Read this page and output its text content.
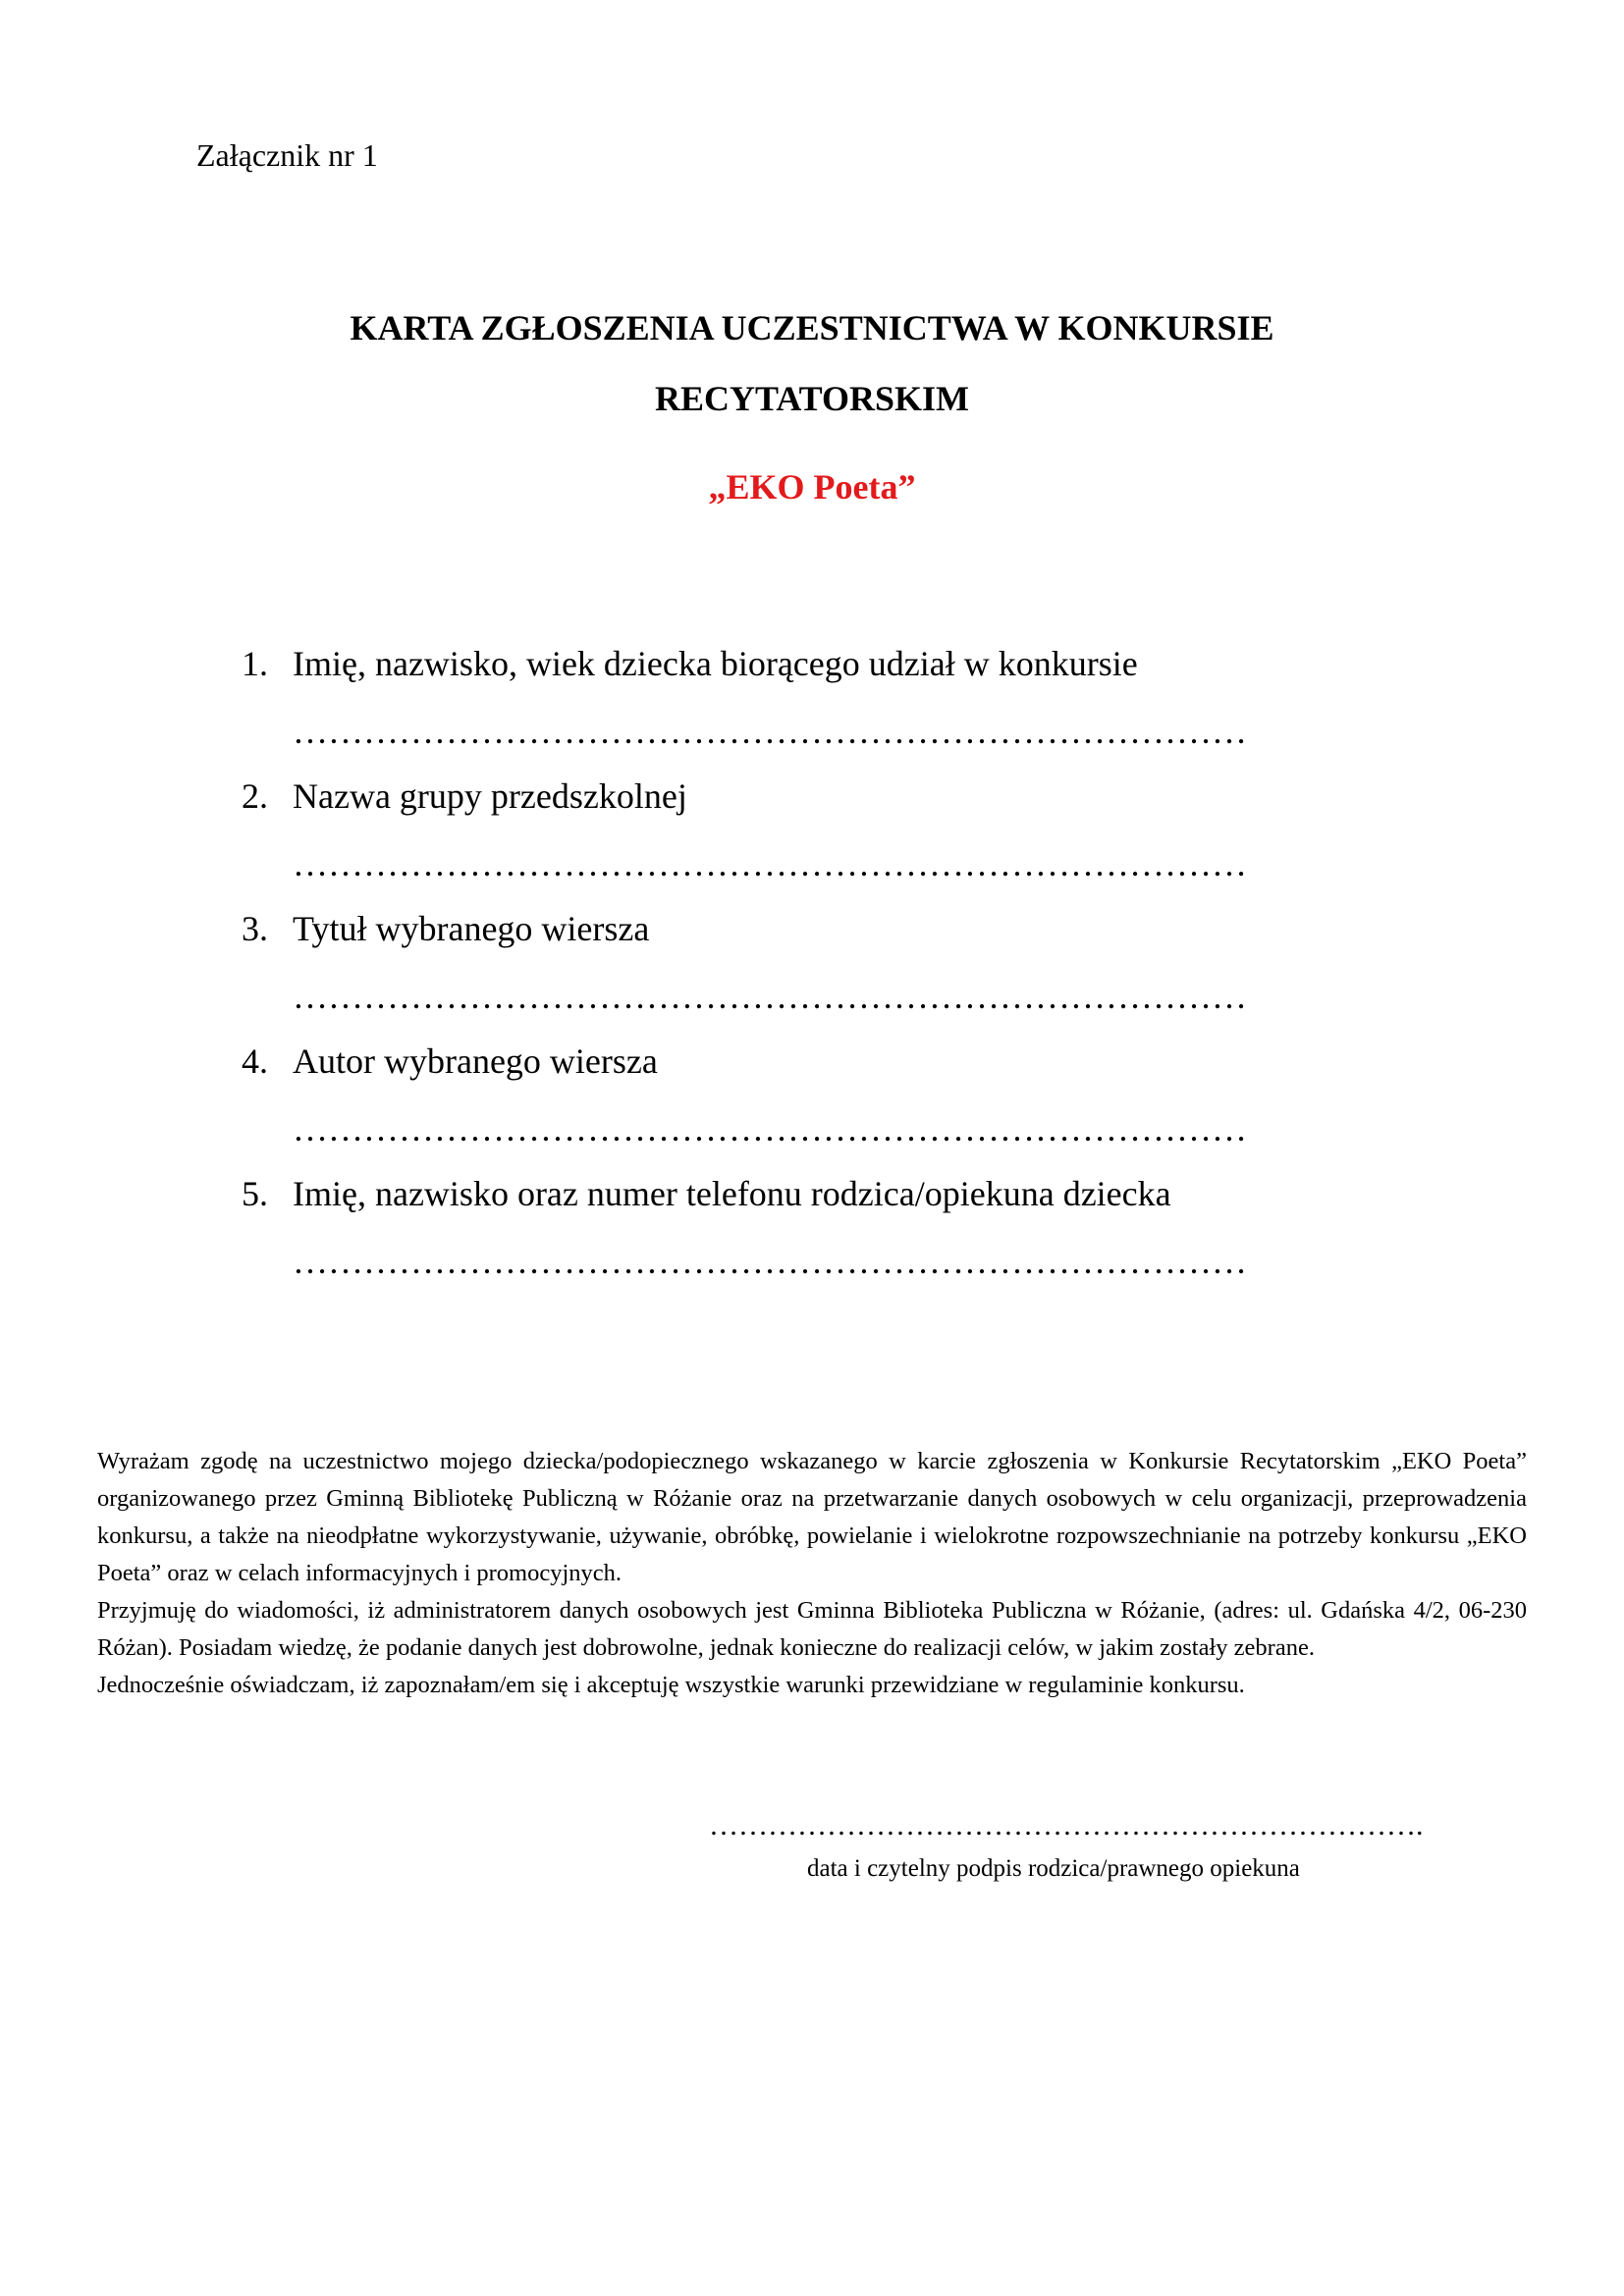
Załącznik nr 1
KARTA ZGŁOSZENIA UCZESTNICTWA W KONKURSIE
RECYTATORSKIM
„EKO Poeta”
1. Imię, nazwisko, wiek dziecka biorącego udział w konkursie
………………………………………………………………………
2. Nazwa grupy przedszkolnej
………………………………………………………………………
3. Tytuł wybranego wiersza
………………………………………………………………………
4. Autor wybranego wiersza
………………………………………………………………………
5. Imię, nazwisko oraz numer telefonu rodzica/opiekuna dziecka
………………………………………………………………………

Wyrażam zgodę na uczestnictwo mojego dziecka/podopiecznego wskazanego w karcie zgłoszenia w Konkursie Recytatorskim „EKO Poeta” organizowanego przez Gminną Bibliotekę Publiczną w Różanie oraz na przetwarzanie danych osobowych w celu organizacji, przeprowadzenia konkursu, a także na nieodpłatne wykorzystywanie, używanie, obróbkę, powielanie i wielokrotne rozpowszechnianie na potrzeby konkursu „EKO Poeta” oraz w celach informacyjnych i promocyjnych.

Przyjmuję do wiadomości, iż administratorem danych osobowych jest Gminna Biblioteka Publiczna w Różanie, (adres: ul. Gdańska 4/2, 06-230 Różan). Posiadam wiedzę, że podanie danych jest dobrowolne, jednak konieczne do realizacji celów, w jakim zostały zebrane.

Jednocześnie oświadczam, iż zapoznałam/em się i akceptuję wszystkie warunki przewidziane w regulaminie konkursu.

……………………………………………………………….
data i czytelny podpis rodzica/prawnego opiekuna
